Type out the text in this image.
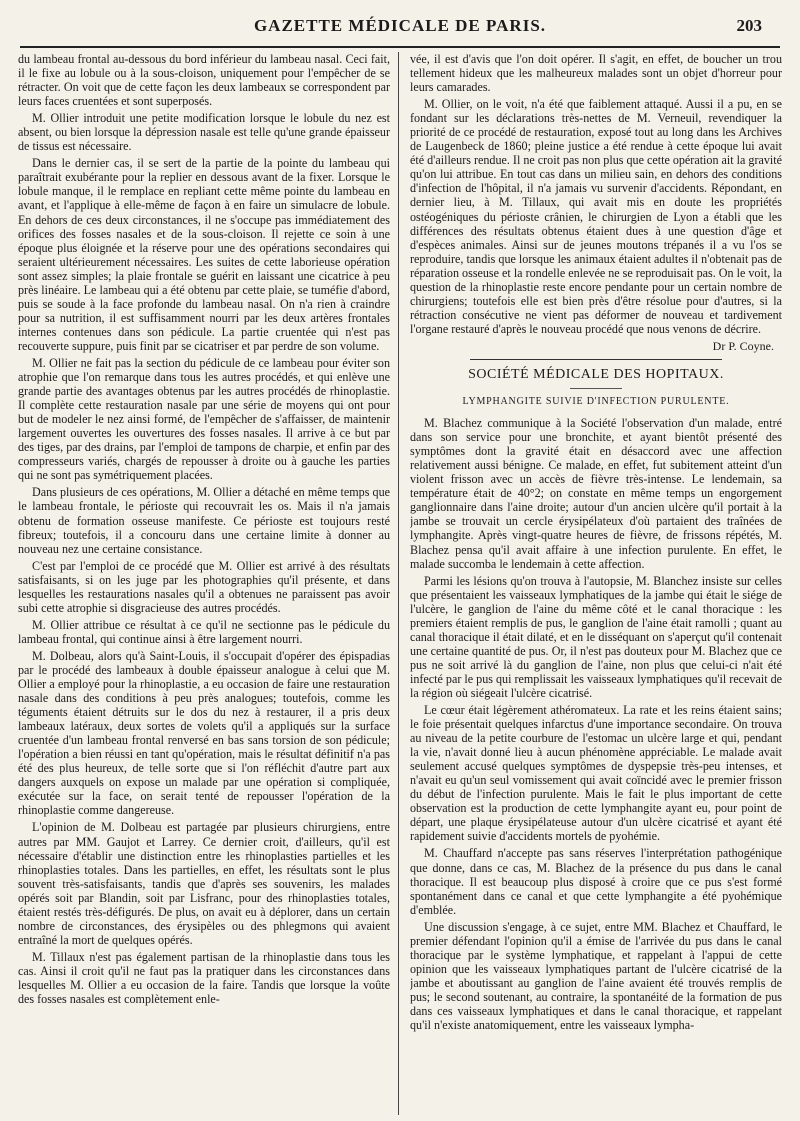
GAZETTE MÉDICALE DE PARIS.	203

du lambeau frontal au-dessous du bord inférieur du lambeau nasal. Ceci fait, il le fixe au lobule ou à la sous-cloison, uniquement pour l'empêcher de se rétracter. On voit que de cette façon les deux lambeaux se correspondent par leurs faces cruentées et sont superposés.

M. Ollier introduit une petite modification lorsque le lobule du nez est absent, ou bien lorsque la dépression nasale est telle qu'une grande épaisseur de tissus est nécessaire.

Dans le dernier cas, il se sert de la partie de la pointe du lambeau qui paraîtrait exubérante pour la replier en dessous avant de la fixer. Lorsque le lobule manque, il le remplace en repliant cette même pointe du lambeau en avant, et l'applique à elle-même de façon à en faire un simulacre de lobule. En dehors de ces deux circonstances, il ne s'occupe pas immédiatement des orifices des fosses nasales et de la sous-cloison. Il rejette ce soin à une époque plus éloignée et la réserve pour une des opérations secondaires qui seraient ultérieurement nécessaires. Les suites de cette laborieuse opération sont assez simples; la plaie frontale se guérit en laissant une cicatrice à peu près linéaire. Le lambeau qui a été obtenu par cette plaie, se tuméfie d'abord, puis se soude à la face profonde du lambeau nasal. On n'a rien à craindre pour sa nutrition, il est suffisamment nourri par les deux artères frontales internes contenues dans son pédicule. La partie cruentée qui n'est pas recouverte suppure, puis finit par se cicatriser et par perdre de son volume.

M. Ollier ne fait pas la section du pédicule de ce lambeau pour éviter son atrophie que l'on remarque dans tous les autres procédés, et qui enlève une grande partie des avantages obtenus par les autres procédés de rhinoplastie. Il complète cette restauration nasale par une série de moyens qui ont pour but de modeler le nez ainsi formé, de l'empêcher de s'affaisser, de maintenir largement ouvertes les ouvertures des fosses nasales. Il arrive à ce but par des tiges, par des drains, par l'emploi de tampons de charpie, et enfin par des compresseurs variés, chargés de repousser à droite ou à gauche les parties qui ne sont pas symétriquement placées.

Dans plusieurs de ces opérations, M. Ollier a détaché en même temps que le lambeau frontale, le périoste qui recouvrait les os. Mais il n'a jamais obtenu de formation osseuse manifeste. Ce périoste est toujours resté fibreux; toutefois, il a concouru dans une certaine limite à donner au nouveau nez une certaine consistance.

C'est par l'emploi de ce procédé que M. Ollier est arrivé à des résultats satisfaisants, si on les juge par les photographies qu'il présente, et dans lesquelles les restaurations nasales qu'il a obtenues ne paraissent pas avoir subi cette atrophie si disgracieuse des autres procédés.

M. Ollier attribue ce résultat à ce qu'il ne sectionne pas le pédicule du lambeau frontal, qui continue ainsi à être largement nourri.

M. Dolbeau, alors qu'à Saint-Louis, il s'occupait d'opérer des épispadias par le procédé des lambeaux à double épaisseur analogue à celui que M. Ollier a employé pour la rhinoplastie, a eu occasion de faire une restauration nasale dans des conditions à peu près analogues; toutefois, comme les téguments étaient détruits sur le dos du nez à restaurer, il a pris deux lambeaux latéraux, deux sortes de volets qu'il a appliqués sur la surface cruentée d'un lambeau frontal renversé en bas sans torsion de son pédicule; l'opération a bien réussi en tant qu'opération, mais le résultat définitif n'a pas été des plus heureux, de telle sorte que si l'on réfléchit d'autre part aux dangers auxquels on expose un malade par une opération si compliquée, exécutée sur la face, on serait tenté de repousser l'opération de la rhinoplastie comme dangereuse.

L'opinion de M. Dolbeau est partagée par plusieurs chirurgiens, entre autres par MM. Gaujot et Larrey. Ce dernier croit, d'ailleurs, qu'il est nécessaire d'établir une distinction entre les rhinoplasties partielles et les rhinoplasties totales. Dans les partielles, en effet, les résultats sont le plus souvent très-satisfaisants, tandis que d'après ses souvenirs, les malades opérés soit par Blandin, soit par Lisfranc, pour des rhinoplasties totales, étaient restés très-défigurés. De plus, on avait eu à déplorer, dans un certain nombre de circonstances, des érysipèles ou des phlegmons qui avaient entraîné la mort de quelques opérés.

M. Tillaux n'est pas également partisan de la rhinoplastie dans tous les cas. Ainsi il croit qu'il ne faut pas la pratiquer dans les circonstances dans lesquelles M. Ollier a eu occasion de la faire. Tandis que lorsque la voûte des fosses nasales est complètement enle-

vée, il est d'avis que l'on doit opérer. Il s'agit, en effet, de boucher un trou tellement hideux que les malheureux malades sont un objet d'horreur pour leurs camarades.

M. Ollier, on le voit, n'a été que faiblement attaqué. Aussi il a pu, en se fondant sur les déclarations très-nettes de M. Verneuil, revendiquer la priorité de ce procédé de restauration, exposé tout au long dans les Archives de Laugenbeck de 1860; pleine justice a été rendue à cette époque lui avait été d'ailleurs rendue. Il ne croit pas non plus que cette opération ait la gravité qu'on lui attribue. En tout cas dans un milieu sain, en dehors des conditions d'infection de l'hôpital, il n'a jamais vu survenir d'accidents. Répondant, en dernier lieu, à M. Tillaux, qui avait mis en doute les propriétés ostéogéniques du périoste crânien, le chirurgien de Lyon a établi que les différences des résultats obtenus étaient dues à une question d'âge et d'espèces animales. Ainsi sur de jeunes moutons trépanés il a vu l'os se reproduire, tandis que lorsque les animaux étaient adultes il n'obtenait pas de réparation osseuse et la rondelle enlevée ne se reproduisait pas. On le voit, la question de la rhinoplastie reste encore pendante pour un certain nombre de chirurgiens; toutefois elle est bien près d'être résolue pour d'autres, si la rétraction consécutive ne vient pas déformer de nouveau et tardivement l'organe restauré d'après le nouveau procédé que nous venons de décrire.

Dr P. Coyne.
SOCIÉTÉ MÉDICALE DES HOPITAUX.
LYMPHANGITE SUIVIE D'INFECTION PURULENTE.

M. Blachez communique à la Société l'observation d'un malade, entré dans son service pour une bronchite, et ayant bientôt présenté des symptômes dont la gravité était en désaccord avec une affection relativement aussi bénigne. Ce malade, en effet, fut subitement atteint d'un violent frisson avec un accès de fièvre très-intense. Le lendemain, sa température était de 40°2; on constate en même temps un engorgement ganglionnaire dans l'aine droite; autour d'un ancien ulcère qu'il portait à la jambe se trouvait un cercle érysipélateux d'où partaient des traînées de lymphangite. Après vingt-quatre heures de fièvre, de frissons répétés, M. Blachez pensa qu'il avait affaire à une infection purulente. En effet, le malade succomba le lendemain à cette affection.

Parmi les lésions qu'on trouva à l'autopsie, M. Blanchez insiste sur celles que présentaient les vaisseaux lymphatiques de la jambe qui était le siége de l'ulcère, le ganglion de l'aine du même côté et le canal thoracique : les premiers étaient remplis de pus, le ganglion de l'aine était ramolli ; quant au canal thoracique il était dilaté, et en le disséquant on s'aperçut qu'il contenait une certaine quantité de pus. Or, il n'est pas douteux pour M. Blachez que ce pus ne soit arrivé là du ganglion de l'aine, non plus que celui-ci n'ait été infecté par le pus qui remplissait les vaisseaux lymphatiques qu'il recevait de la région où siégeait l'ulcère cicatrisé.

Le cœur était légèrement athéromateux. La rate et les reins étaient sains; le foie présentait quelques infarctus d'une importance secondaire. On trouva au niveau de la petite courbure de l'estomac un ulcère large et qui, pendant la vie, n'avait donné lieu à aucun phénomène appréciable. Le malade avait seulement accusé quelques symptômes de dyspepsie très-peu intenses, et n'avait eu qu'un seul vomissement qui avait coïncidé avec le premier frisson du début de l'infection purulente. Mais le fait le plus important de cette observation est la production de cette lymphangite ayant eu, pour point de départ, une plaque érysipélateuse autour d'un ulcère cicatrisé et ayant été rapidement suivie d'accidents mortels de pyohémie.

M. Chauffard n'accepte pas sans réserves l'interprétation pathogénique que donne, dans ce cas, M. Blachez de la présence du pus dans le canal thoracique. Il est beaucoup plus disposé à croire que ce pus s'est formé spontanément dans ce canal et que cette lymphangite a été pyohémique d'emblée.

Une discussion s'engage, à ce sujet, entre MM. Blachez et Chauffard, le premier défendant l'opinion qu'il a émise de l'arrivée du pus dans le canal thoracique par le système lymphatique, et rappelant à l'appui de cette opinion que les vaisseaux lymphatiques partant de l'ulcère cicatrisé de la jambe et aboutissant au ganglion de l'aine avaient été trouvés remplis de pus; le second soutenant, au contraire, la spontanéité de la formation de pus dans ces vaisseaux lymphatiques et dans le canal thoracique, et rappelant qu'il n'existe anatomiquement, entre les vaisseaux lympha-
